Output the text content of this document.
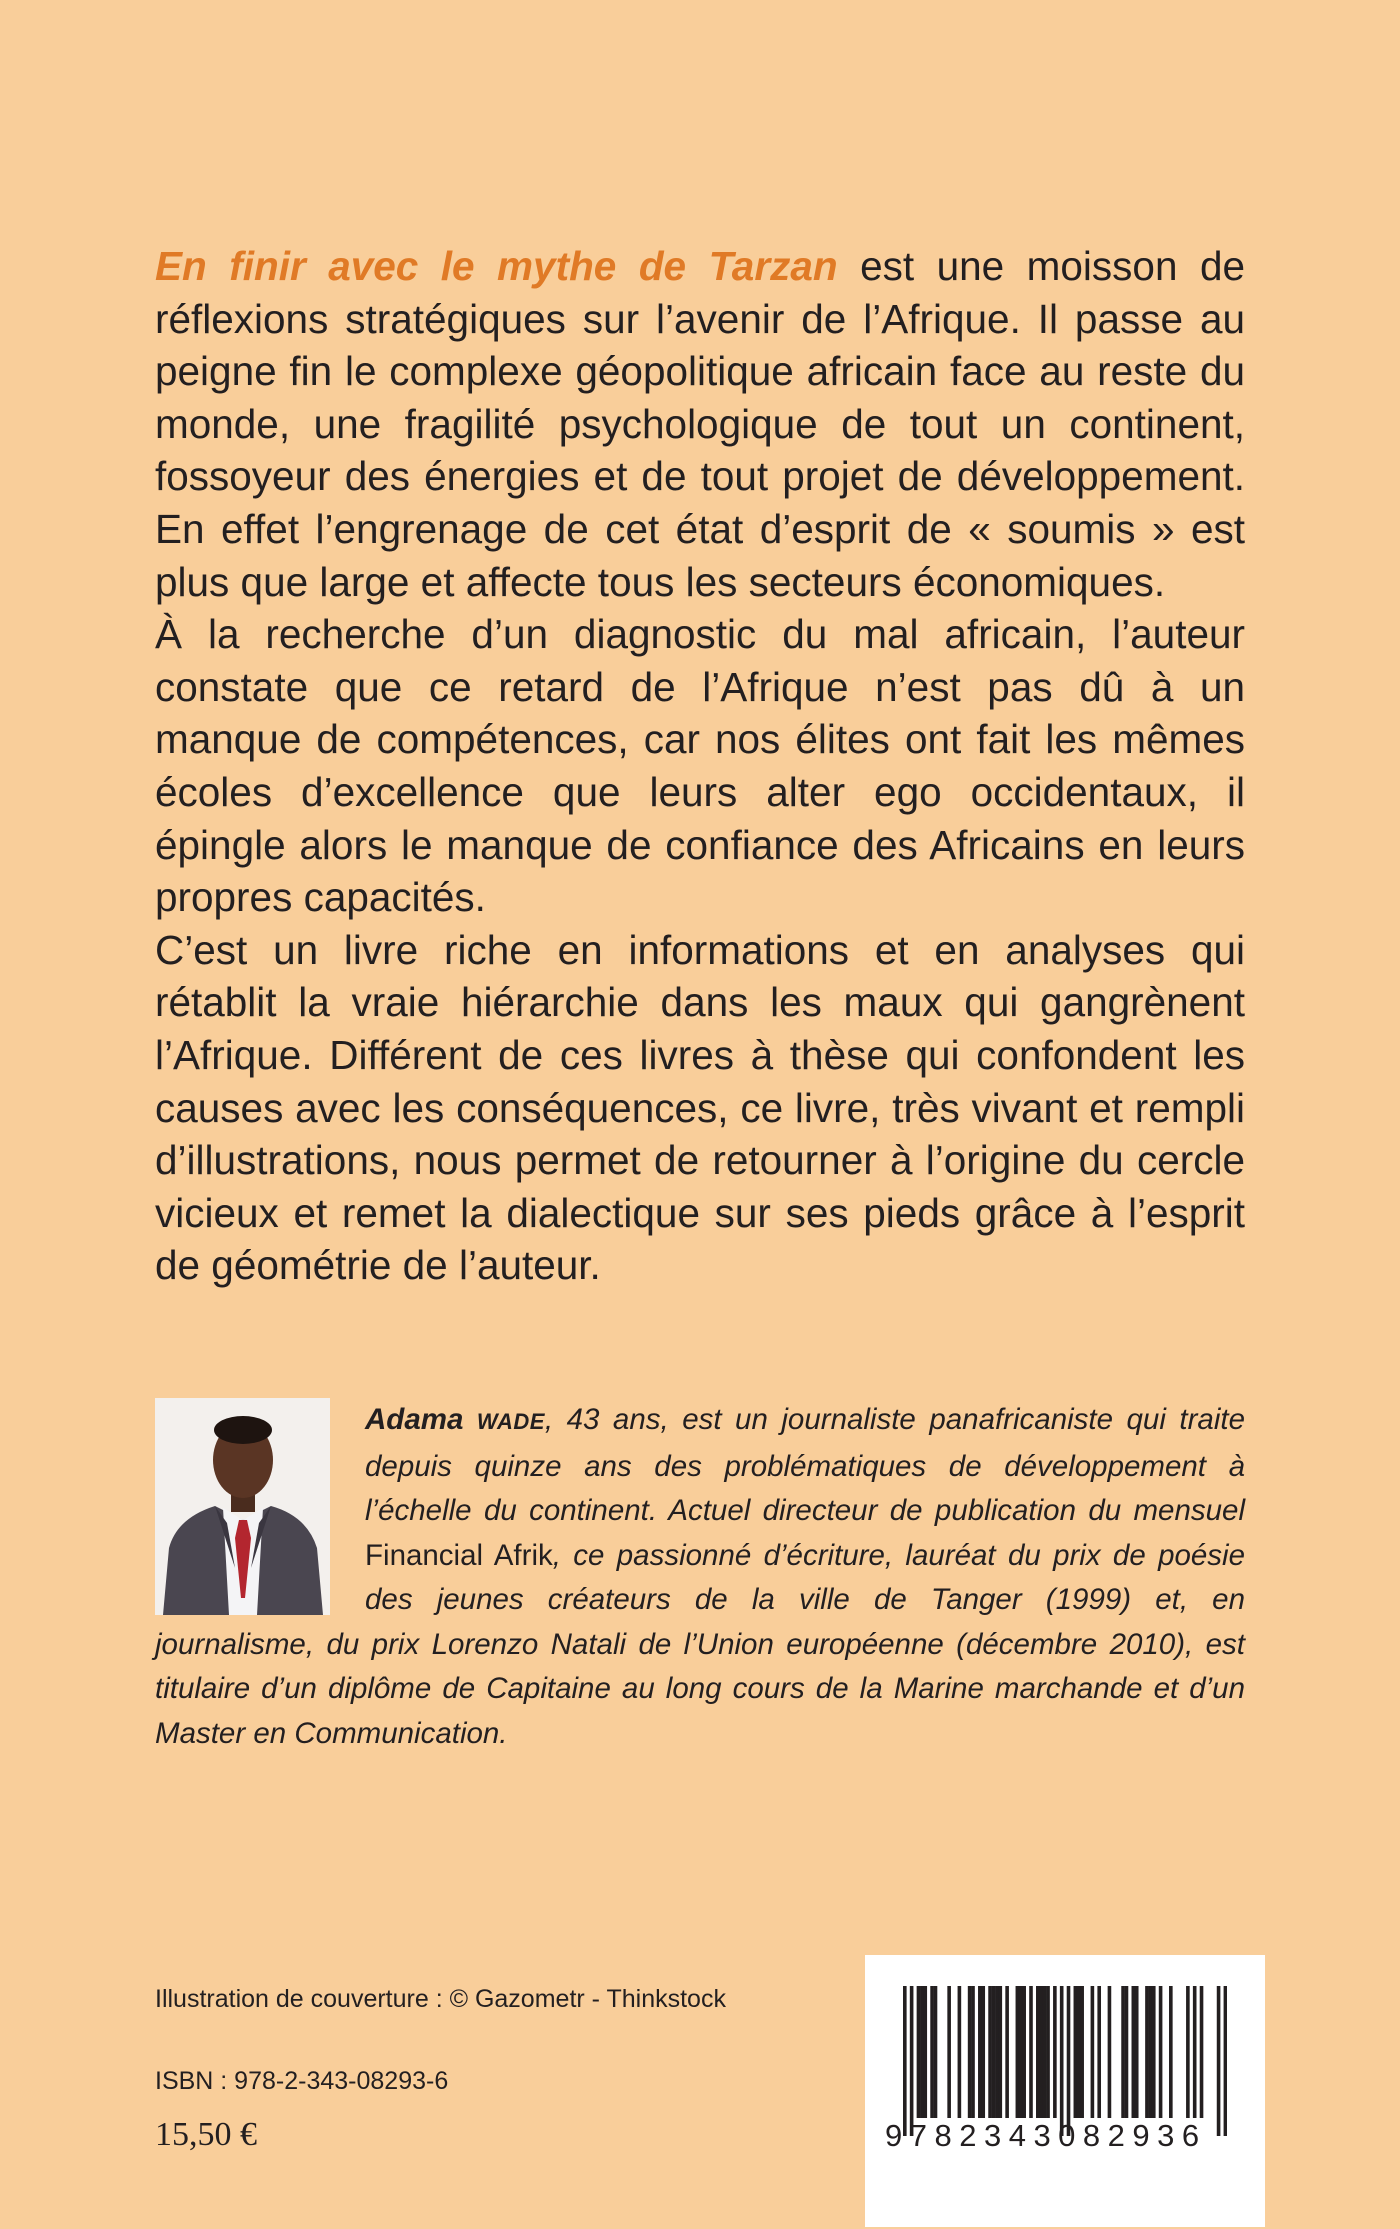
En finir avec le mythe de Tarzan est une moisson de réflexions stratégiques sur l’avenir de l’Afrique. Il passe au peigne fin le complexe géopolitique africain face au reste du monde, une fragilité psychologique de tout un continent, fossoyeur des énergies et de tout projet de développement. En effet l’engrenage de cet état d’esprit de « soumis » est plus que large et affecte tous les secteurs économiques.

À la recherche d’un diagnostic du mal africain, l’auteur constate que ce retard de l’Afrique n’est pas dû à un manque de compétences, car nos élites ont fait les mêmes écoles d’excellence que leurs alter ego occidentaux, il épingle alors le manque de confiance des Africains en leurs propres capacités.

C’est un livre riche en informations et en analyses qui rétablit la vraie hiérarchie dans les maux qui gangrènent l’Afrique. Différent de ces livres à thèse qui confondent les causes avec les conséquences, ce livre, très vivant et rempli d’illustrations, nous permet de retourner à l’origine du cercle vicieux et remet la dialectique sur ses pieds grâce à l’esprit de géométrie de l’auteur.

Adama WADE, 43 ans, est un journaliste panafricaniste qui traite depuis quinze ans des problématiques de développement à l’échelle du continent. Actuel directeur de publication du mensuel Financial Afrik, ce passionné d’écriture, lauréat du prix de poésie des jeunes créateurs de la ville de Tanger (1999) et, en journalisme, du prix Lorenzo Natali de l’Union européenne (décembre 2010), est titulaire d’un diplôme de Capitaine au long cours de la Marine marchande et d’un Master en Communication.
Illustration de couverture : © Gazometr - Thinkstock
ISBN : 978-2-343-08293-6
15,50 €	9782343082936
